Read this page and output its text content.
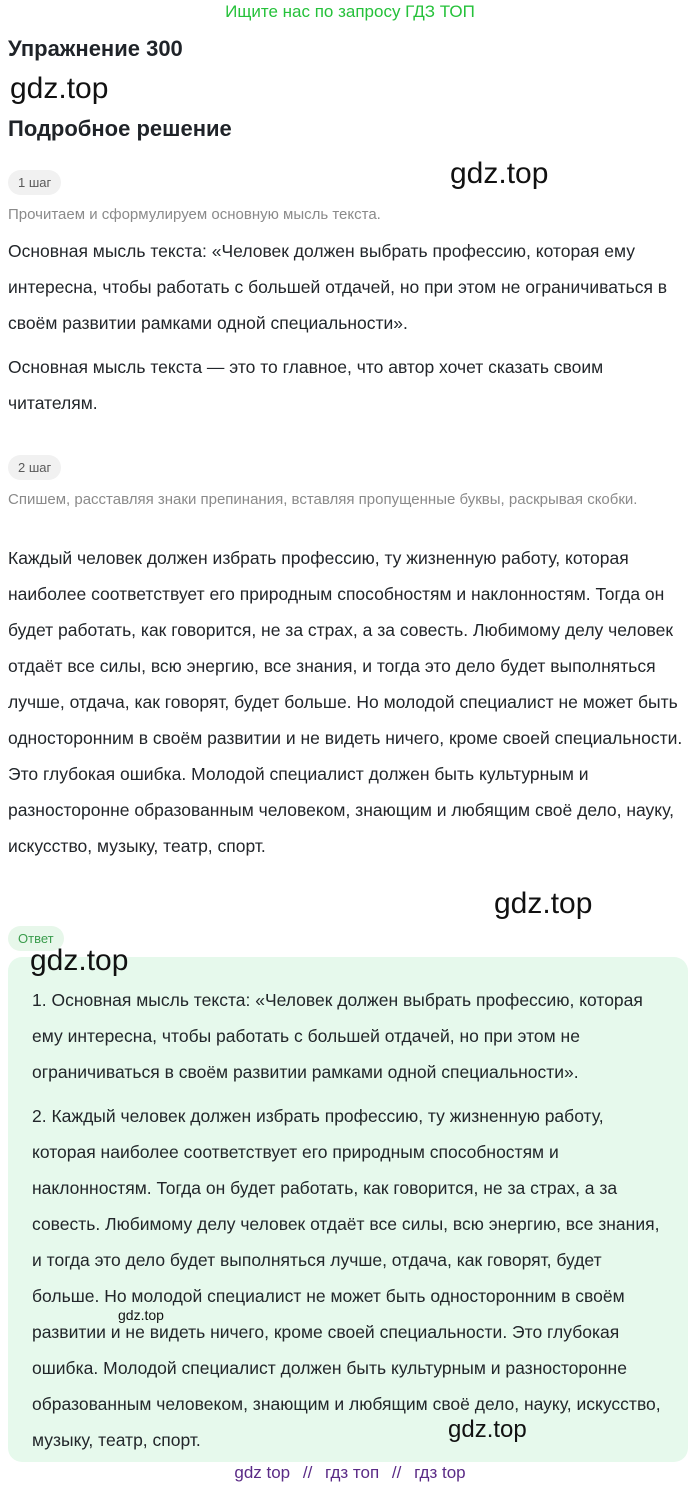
Ищите нас по запросу ГДЗ ТОП
Упражнение 300
gdz.top
Подробное решение
1 шаг	gdz.top
Прочитаем и сформулируем основную мысль текста.
Основная мысль текста: «Человек должен выбрать профессию, которая ему интересна, чтобы работать с большей отдачей, но при этом не ограничиваться в своём развитии рамками одной специальности».
Основная мысль текста — это то главное, что автор хочет сказать своим читателям.
2 шаг
Спишем, расставляя знаки препинания, вставляя пропущенные буквы, раскрывая скобки.
Каждый человек должен избрать профессию, ту жизненную работу, которая наиболее соответствует его природным способностям и наклонностям. Тогда он будет работать, как говорится, не за страх, а за совесть. Любимому делу человек отдаёт все силы, всю энергию, все знания, и тогда это дело будет выполняться лучше, отдача, как говорят, будет больше. Но молодой специалист не может быть односторонним в своём развитии и не видеть ничего, кроме своей специальности. Это глубокая ошибка. Молодой специалист должен быть культурным и разносторонне образованным человеком, знающим и любящим своё дело, науку, искусство, музыку, театр, спорт.
gdz.top
Ответ
gdz.top
1. Основная мысль текста: «Человек должен выбрать профессию, которая ему интересна, чтобы работать с большей отдачей, но при этом не ограничиваться в своём развитии рамками одной специальности».
2. Каждый человек должен избрать профессию, ту жизненную работу, которая наиболее соответствует его природным способностям и наклонностям. Тогда он будет работать, как говорится, не за страх, а за совесть. Любимому делу человек отдаёт все силы, всю энергию, все знания, и тогда это дело будет выполняться лучше, отдача, как говорят, будет больше. Но молодой специалист не может быть односторонним в своём развитии и не видеть ничего, кроме своей специальности. Это глубокая ошибка. Молодой специалист должен быть культурным и разносторонне образованным человеком, знающим и любящим своё дело, науку, искусство, музыку, театр, спорт.
gdz.top
gdz.top
gdz top // гдз топ // гдз top
